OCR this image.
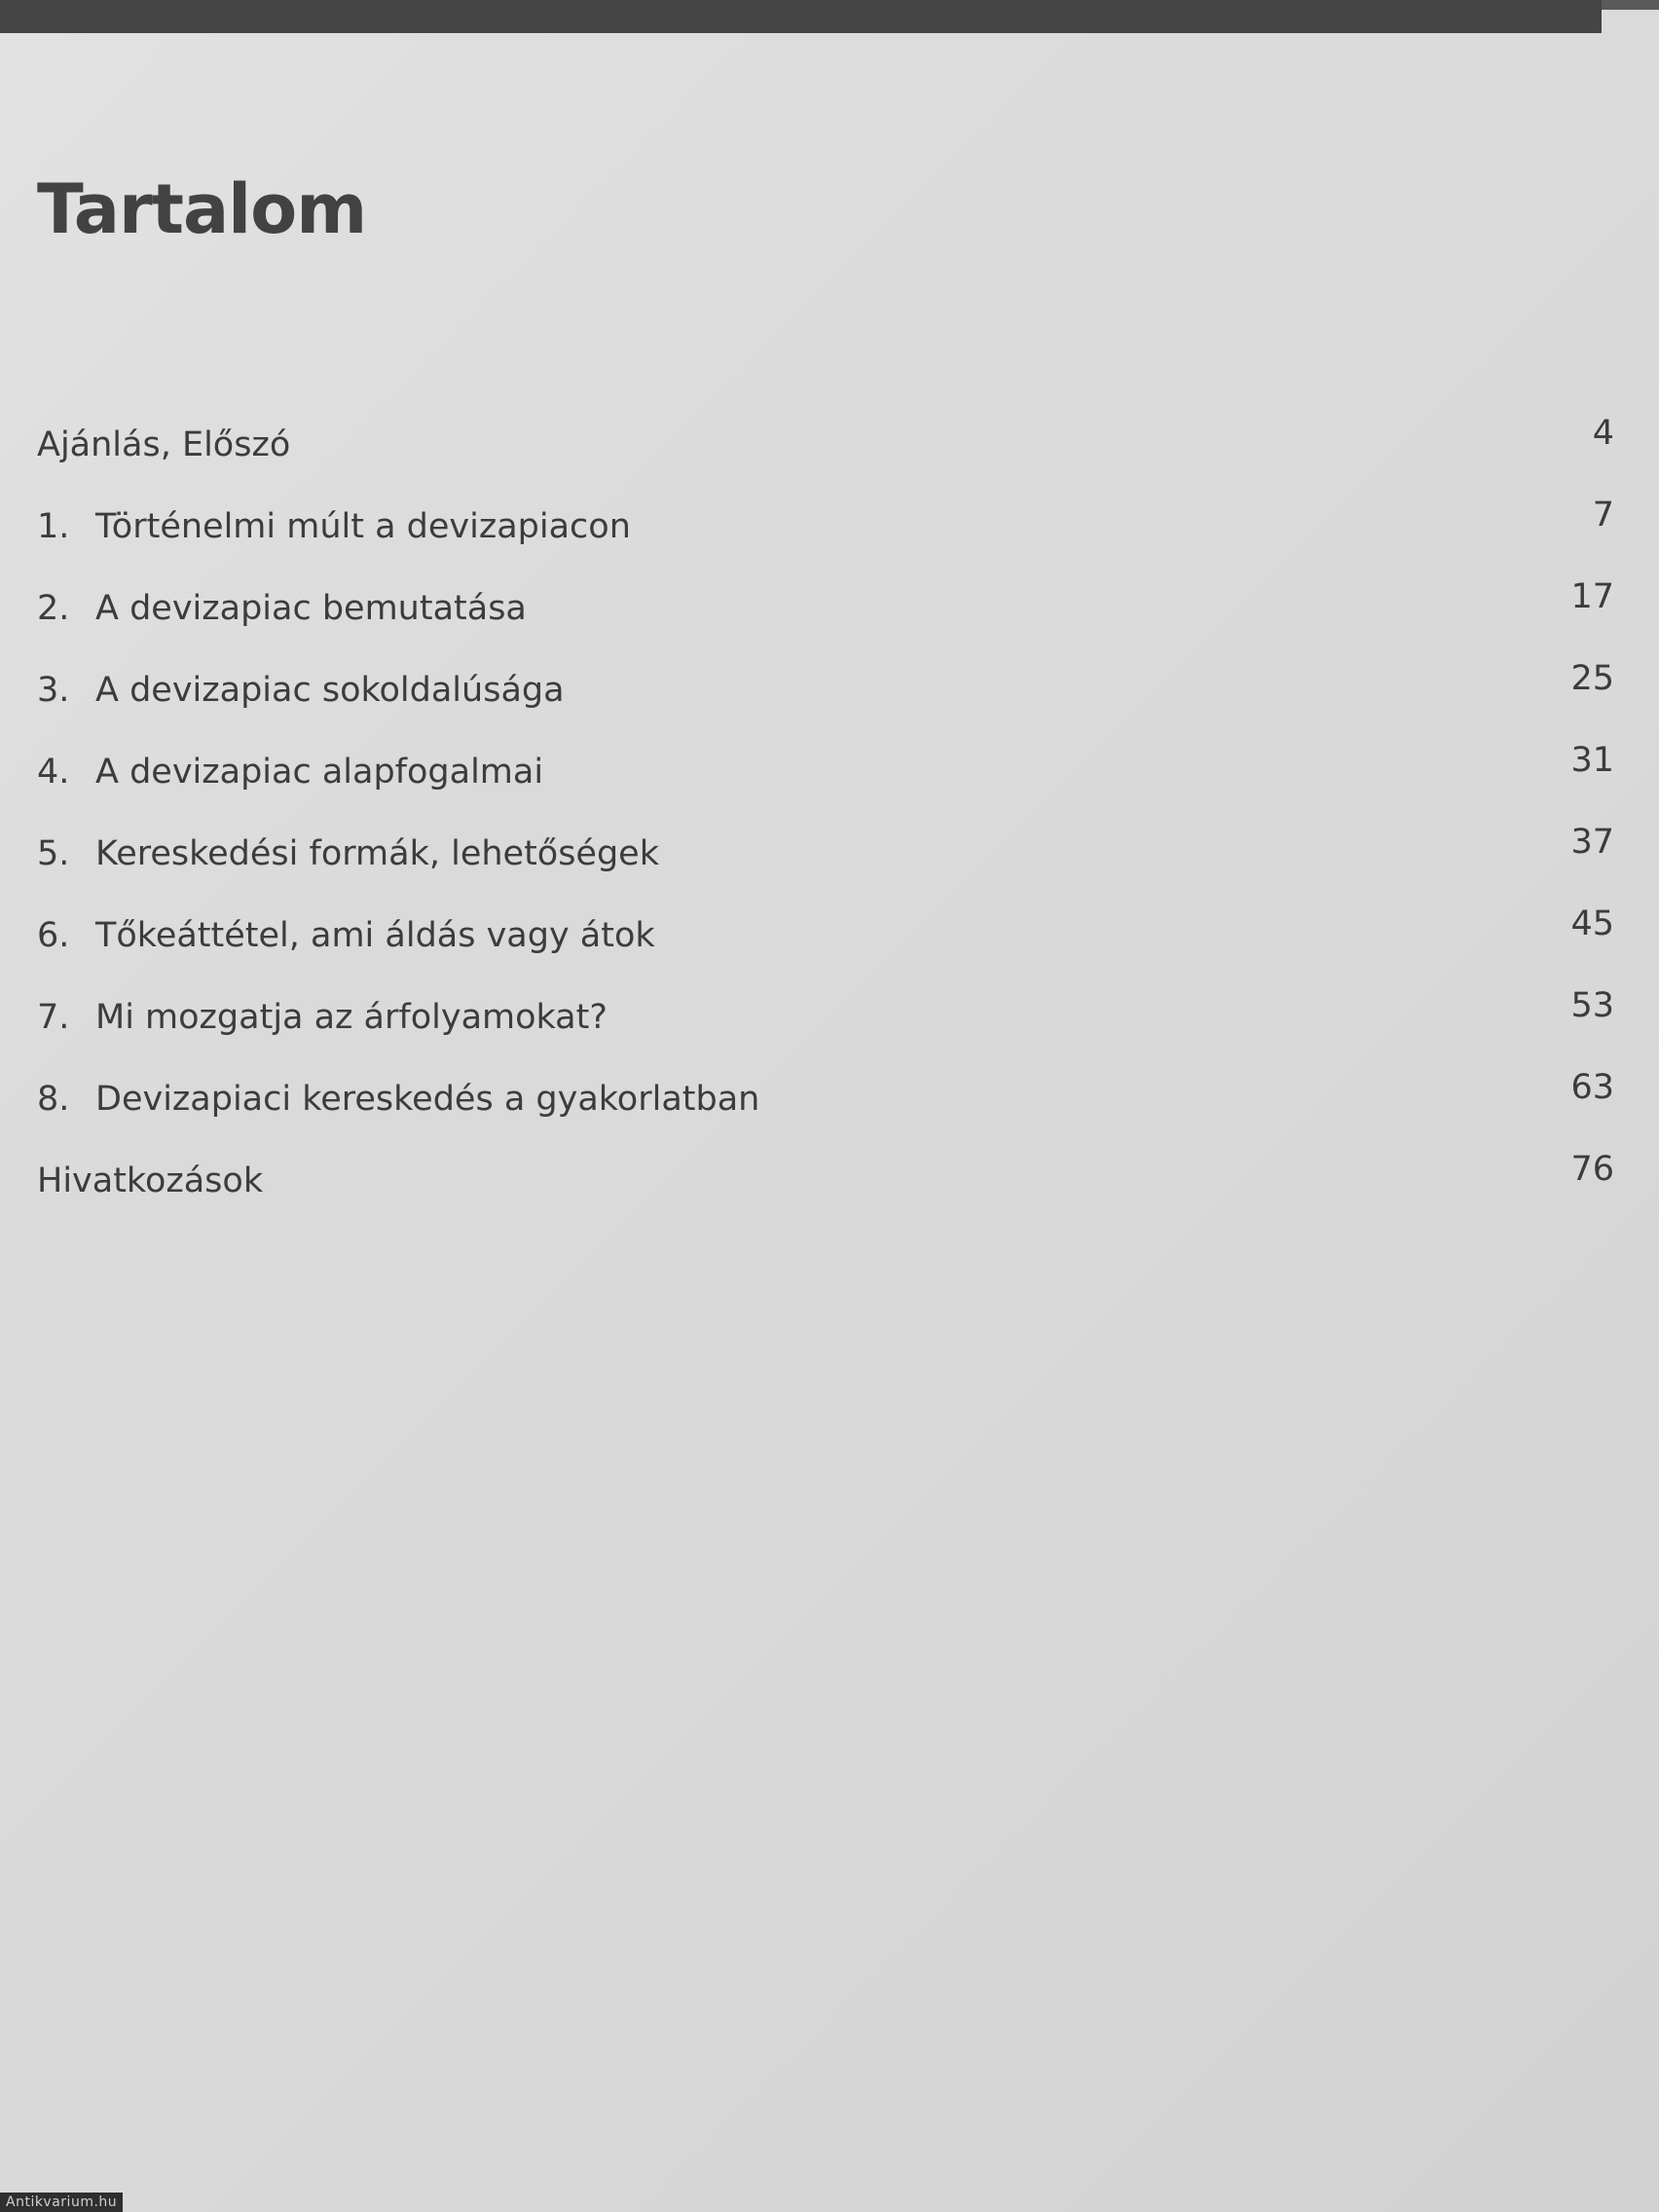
Tartalom
Ajánlás, Előszó	4
1. Történelmi múlt a devizapiacon	7
2. A devizapiac bemutatása	17
3. A devizapiac sokoldalúsága	25
4. A devizapiac alapfogalmai	31
5. Kereskedési formák, lehetőségek	37
6. Tőkeáttétel, ami áldás vagy átok	45
7. Mi mozgatja az árfolyamokat?	53
8. Devizapiaci kereskedés a gyakorlatban	63
Hivatkozások	76
Antikvarium.hu
